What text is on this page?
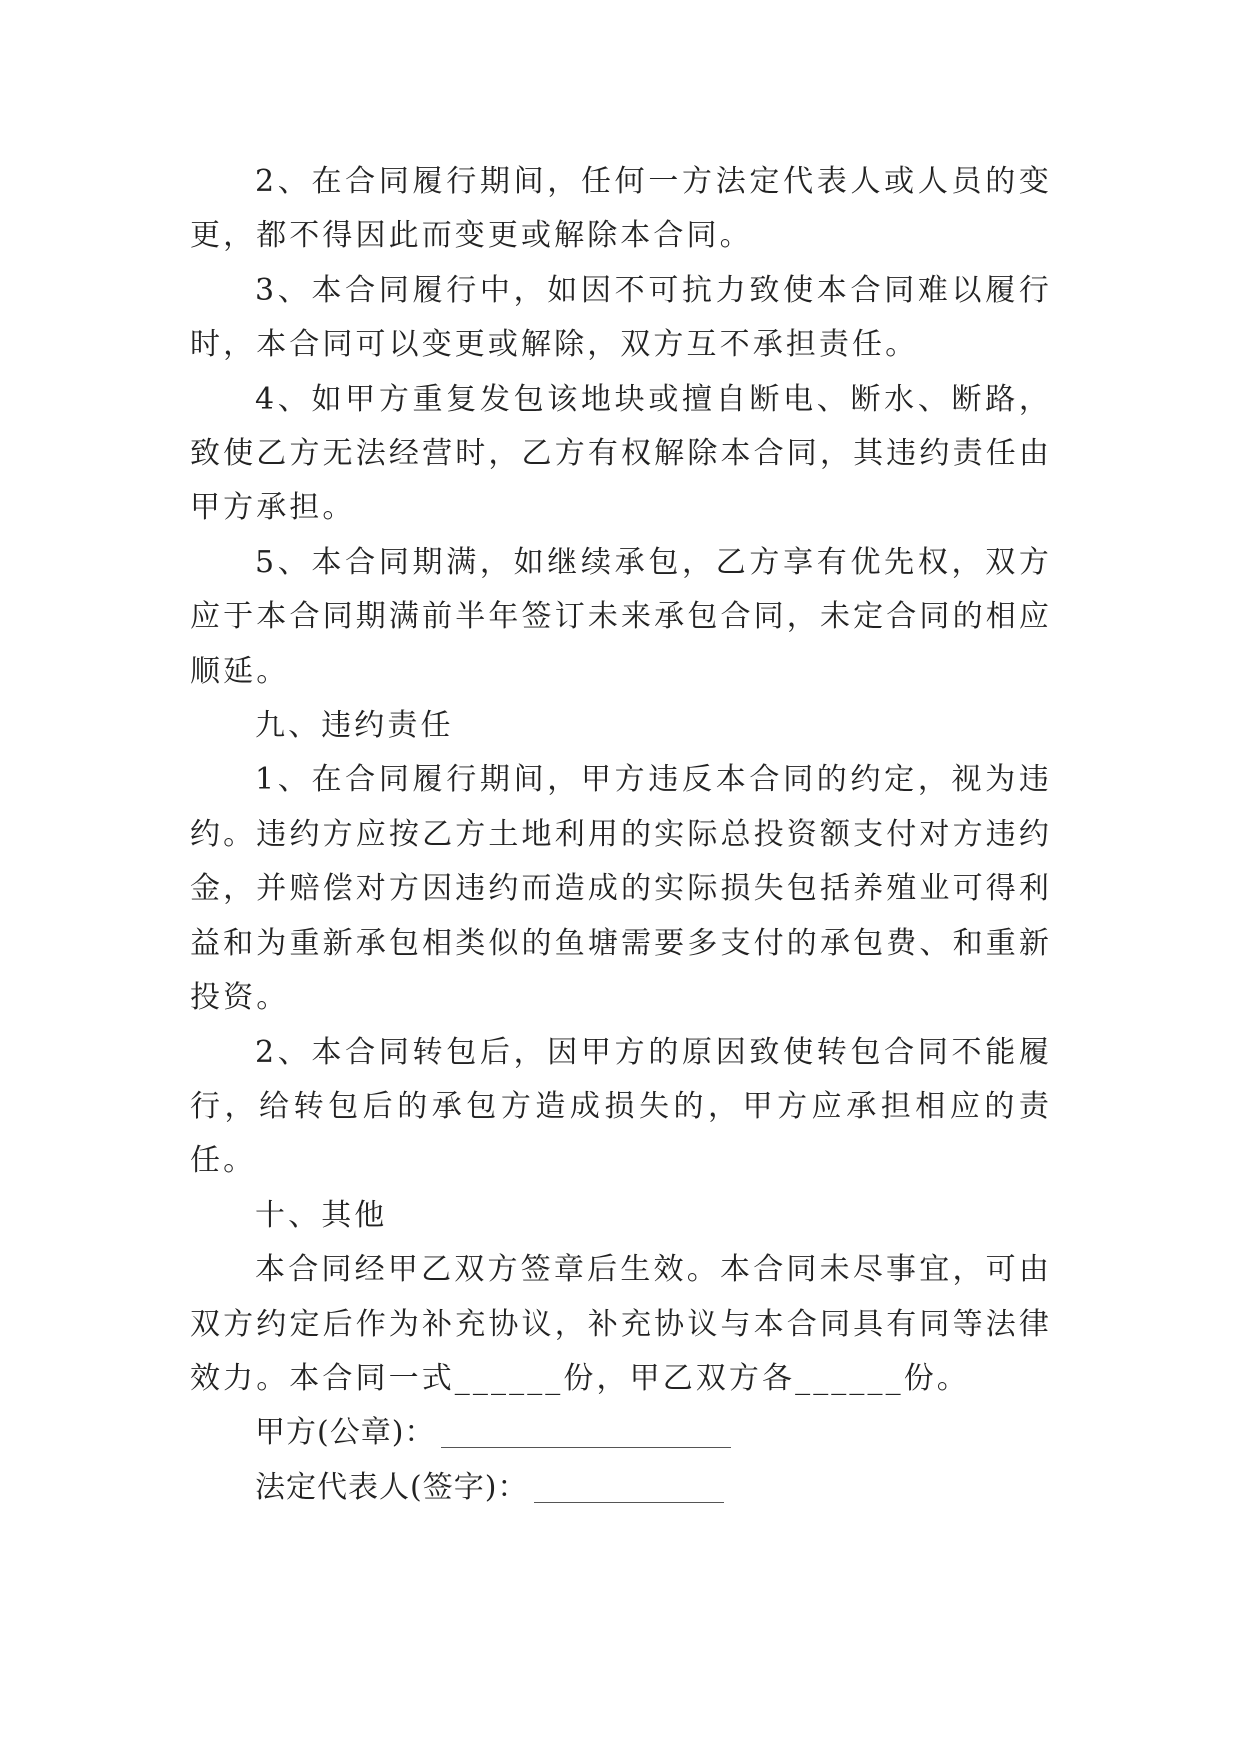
2、在合同履行期间，任何一方法定代表人或人员的变更，都不得因此而变更或解除本合同。

3、本合同履行中，如因不可抗力致使本合同难以履行时，本合同可以变更或解除，双方互不承担责任。

4、如甲方重复发包该地块或擅自断电、断水、断路，致使乙方无法经营时，乙方有权解除本合同，其违约责任由甲方承担。

5、本合同期满，如继续承包，乙方享有优先权，双方应于本合同期满前半年签订未来承包合同，未定合同的相应顺延。

九、违约责任

1、在合同履行期间，甲方违反本合同的约定，视为违约。违约方应按乙方土地利用的实际总投资额支付对方违约金，并赔偿对方因违约而造成的实际损失包括养殖业可得利益和为重新承包相类似的鱼塘需要多支付的承包费、和重新投资。

2、本合同转包后，因甲方的原因致使转包合同不能履行，给转包后的承包方造成损失的，甲方应承担相应的责任。

十、其他

本合同经甲乙双方签章后生效。本合同未尽事宜，可由双方约定后作为补充协议，补充协议与本合同具有同等法律效力。本合同一式______份，甲乙双方各______份。

甲方(公章)：

法定代表人(签字)：
